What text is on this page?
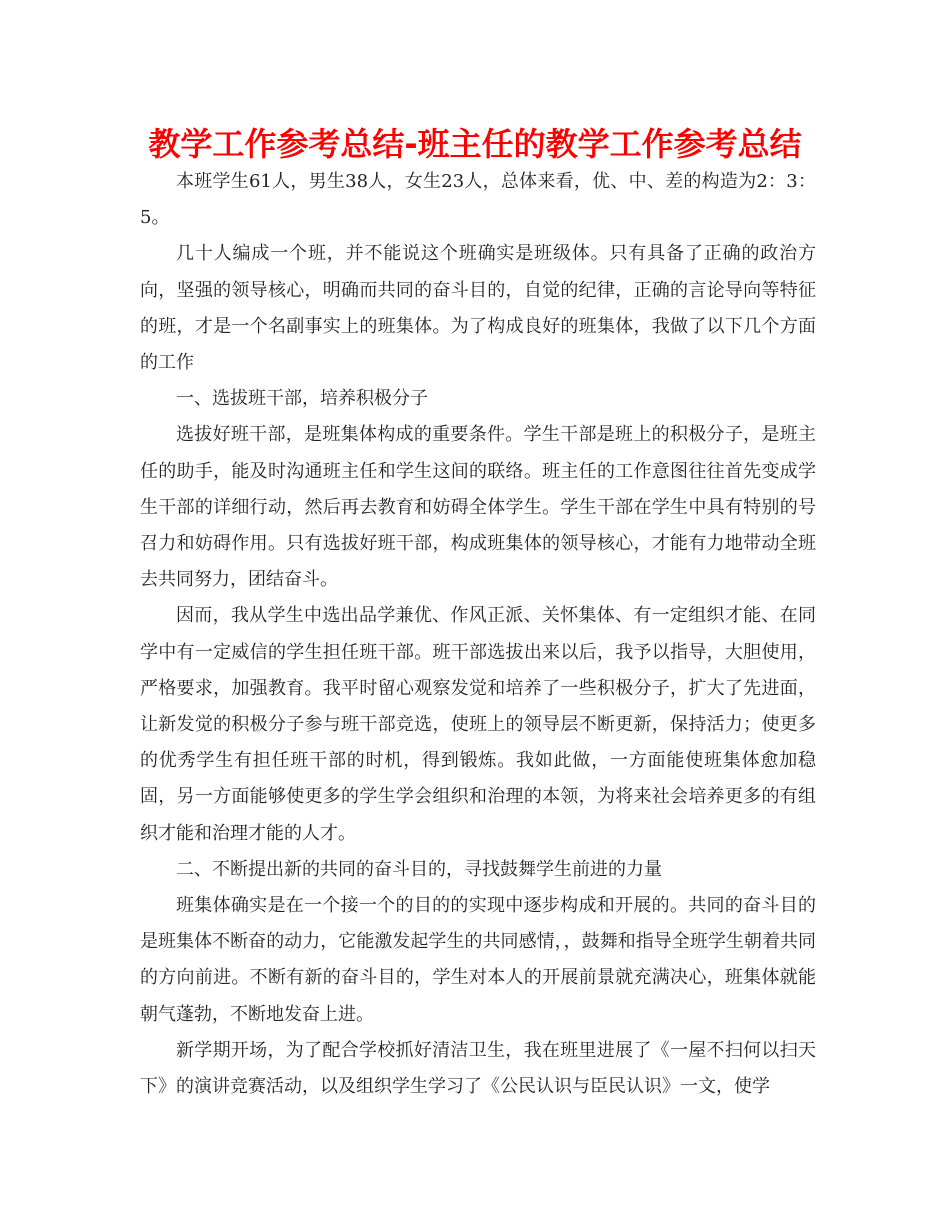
教学工作参考总结-班主任的教学工作参考总结

本班学生61人，男生38人，女生23人，总体来看，优、中、差的构造为2：3：5。

几十人编成一个班，并不能说这个班确实是班级体。只有具备了正确的政治方向，坚强的领导核心，明确而共同的奋斗目的，自觉的纪律，正确的言论导向等特征的班，才是一个名副事实上的班集体。为了构成良好的班集体，我做了以下几个方面的工作

一、选拔班干部，培养积极分子

选拔好班干部，是班集体构成的重要条件。学生干部是班上的积极分子，是班主任的助手，能及时沟通班主任和学生这间的联络。班主任的工作意图往往首先变成学生干部的详细行动，然后再去教育和妨碍全体学生。学生干部在学生中具有特别的号召力和妨碍作用。只有选拔好班干部，构成班集体的领导核心，才能有力地带动全班去共同努力，团结奋斗。

因而，我从学生中选出品学兼优、作风正派、关怀集体、有一定组织才能、在同学中有一定威信的学生担任班干部。班干部选拔出来以后，我予以指导，大胆使用，严格要求，加强教育。我平时留心观察发觉和培养了一些积极分子，扩大了先进面，让新发觉的积极分子参与班干部竞选，使班上的领导层不断更新，保持活力；使更多的优秀学生有担任班干部的时机，得到锻炼。我如此做，一方面能使班集体愈加稳固，另一方面能够使更多的学生学会组织和治理的本领，为将来社会培养更多的有组织才能和治理才能的人才。

二、不断提出新的共同的奋斗目的，寻找鼓舞学生前进的力量

班集体确实是在一个接一个的目的的实现中逐步构成和开展的。共同的奋斗目的是班集体不断奋的动力，它能激发起学生的共同感情，，鼓舞和指导全班学生朝着共同的方向前进。不断有新的奋斗目的，学生对本人的开展前景就充满决心，班集体就能朝气蓬勃，不断地发奋上进。

新学期开场，为了配合学校抓好清洁卫生，我在班里进展了《一屋不扫何以扫天下》的演讲竞赛活动，以及组织学生学习了《公民认识与臣民认识》一文，使学
